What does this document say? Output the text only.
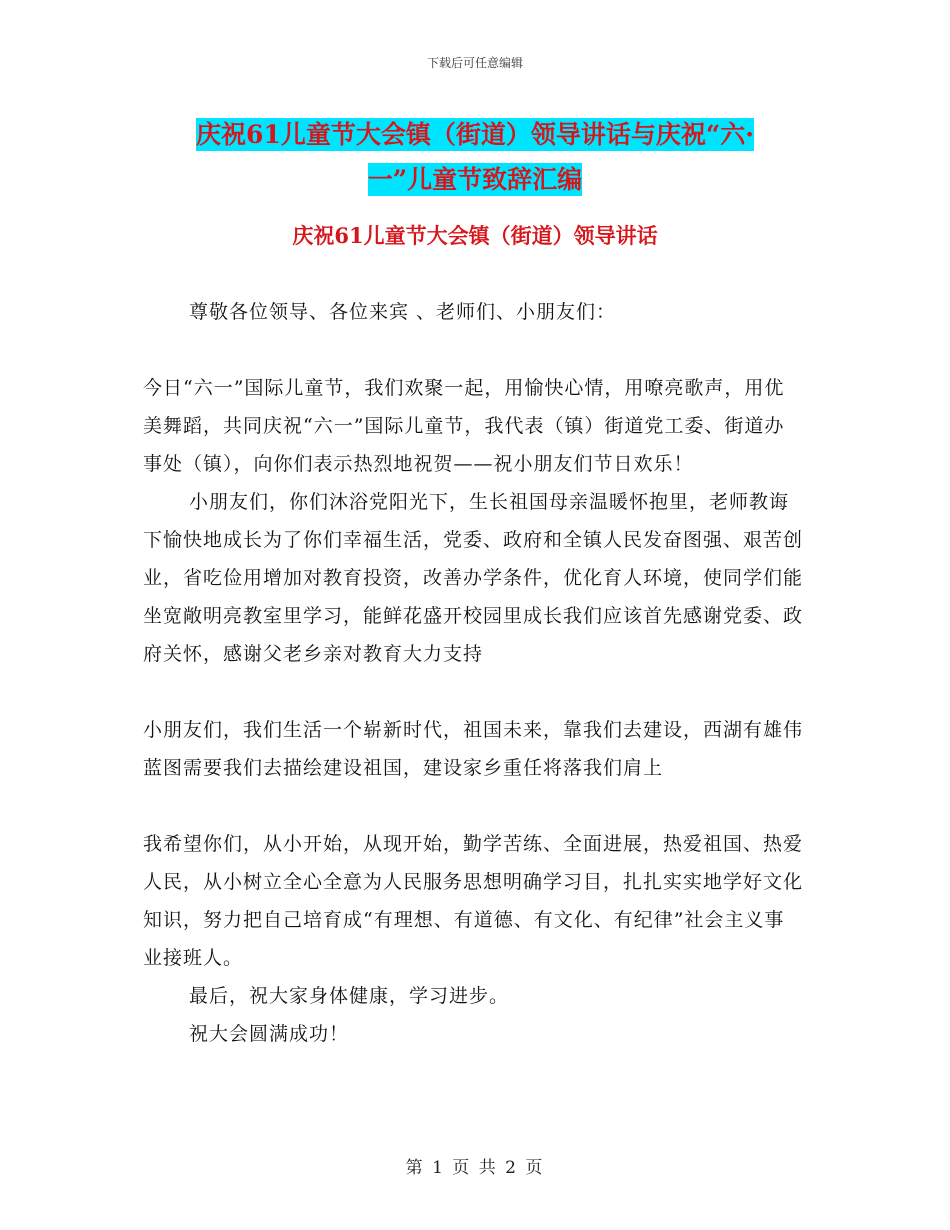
下载后可任意编辑
庆祝61儿童节大会镇（街道）领导讲话与庆祝“六·
一”儿童节致辞汇编
庆祝61儿童节大会镇（街道）领导讲话

尊敬各位领导、各位来宾 、老师们、小朋友们：

今日“六一”国际儿童节，我们欢聚一起，用愉快心情，用嘹亮歌声，用优美舞蹈，共同庆祝“六一”国际儿童节，我代表（镇）街道党工委、街道办事处（镇），向你们表示热烈地祝贺——祝小朋友们节日欢乐！

小朋友们，你们沐浴党阳光下，生长祖国母亲温暖怀抱里，老师教诲下愉快地成长为了你们幸福生活，党委、政府和全镇人民发奋图强、艰苦创业，省吃俭用增加对教育投资，改善办学条件，优化育人环境，使同学们能坐宽敞明亮教室里学习，能鲜花盛开校园里成长我们应该首先感谢党委、政府关怀，感谢父老乡亲对教育大力支持

小朋友们，我们生活一个崭新时代，祖国未来，靠我们去建设，西湖有雄伟蓝图需要我们去描绘建设祖国，建设家乡重任将落我们肩上

我希望你们，从小开始，从现开始，勤学苦练、全面进展，热爱祖国、热爱人民，从小树立全心全意为人民服务思想明确学习目，扎扎实实地学好文化知识，努力把自己培育成“有理想、有道德、有文化、有纪律”社会主义事业接班人。

最后，祝大家身体健康，学习进步。

祝大会圆满成功！

第 1 页 共 2 页
